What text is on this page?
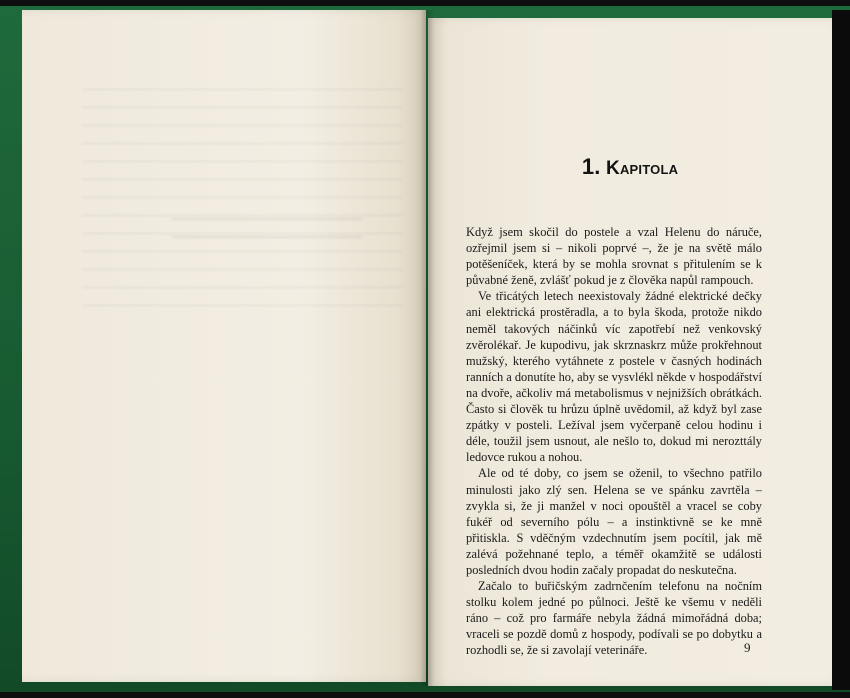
1. Kapitola

Když jsem skočil do postele a vzal Helenu do náruče, ozřejmil jsem si – nikoli poprvé –, že je na světě málo potěšeníček, která by se mohla srovnat s přitulením se k půvabné ženě, zvlášť pokud je z člověka napůl rampouch.

Ve třicátých letech neexistovaly žádné elektrické dečky ani elektrická prostěradla, a to byla škoda, protože nikdo neměl takových náčinků víc zapotřebí než venkovský zvěrolékař. Je kupodivu, jak skrznaskrz může prokřehnout mužský, kterého vytáhnete z postele v časných hodinách ranních a donutíte ho, aby se vysvlékl někde v hospodářství na dvoře, ačkoliv má metabolismus v nejnižších obrátkách. Často si člověk tu hrůzu úplně uvědomil, až když byl zase zpátky v posteli. Ležíval jsem vyčerpaně celou hodinu i déle, toužil jsem usnout, ale nešlo to, dokud mi nerozttály ledovce rukou a nohou.

Ale od té doby, co jsem se oženil, to všechno patřilo minulosti jako zlý sen. Helena se ve spánku zavrtěla – zvykla si, že ji manžel v noci opouštěl a vracel se coby fukéř od severního pólu – a instinktivně se ke mně přitiskla. S vděčným vzdechnutím jsem pocítil, jak mě zalévá požehnané teplo, a téměř okamžitě se události posledních dvou hodin začaly propadat do neskutečna.

Začalo to buřičským zadrnčením telefonu na nočním stolku kolem jedné po půlnoci. Ještě ke všemu v neděli ráno – což pro farmáře nebyla žádná mimořádná doba; vraceli se pozdě domů z hospody, podívali se po dobytku a rozhodli se, že si zavolají veterináře.	9
